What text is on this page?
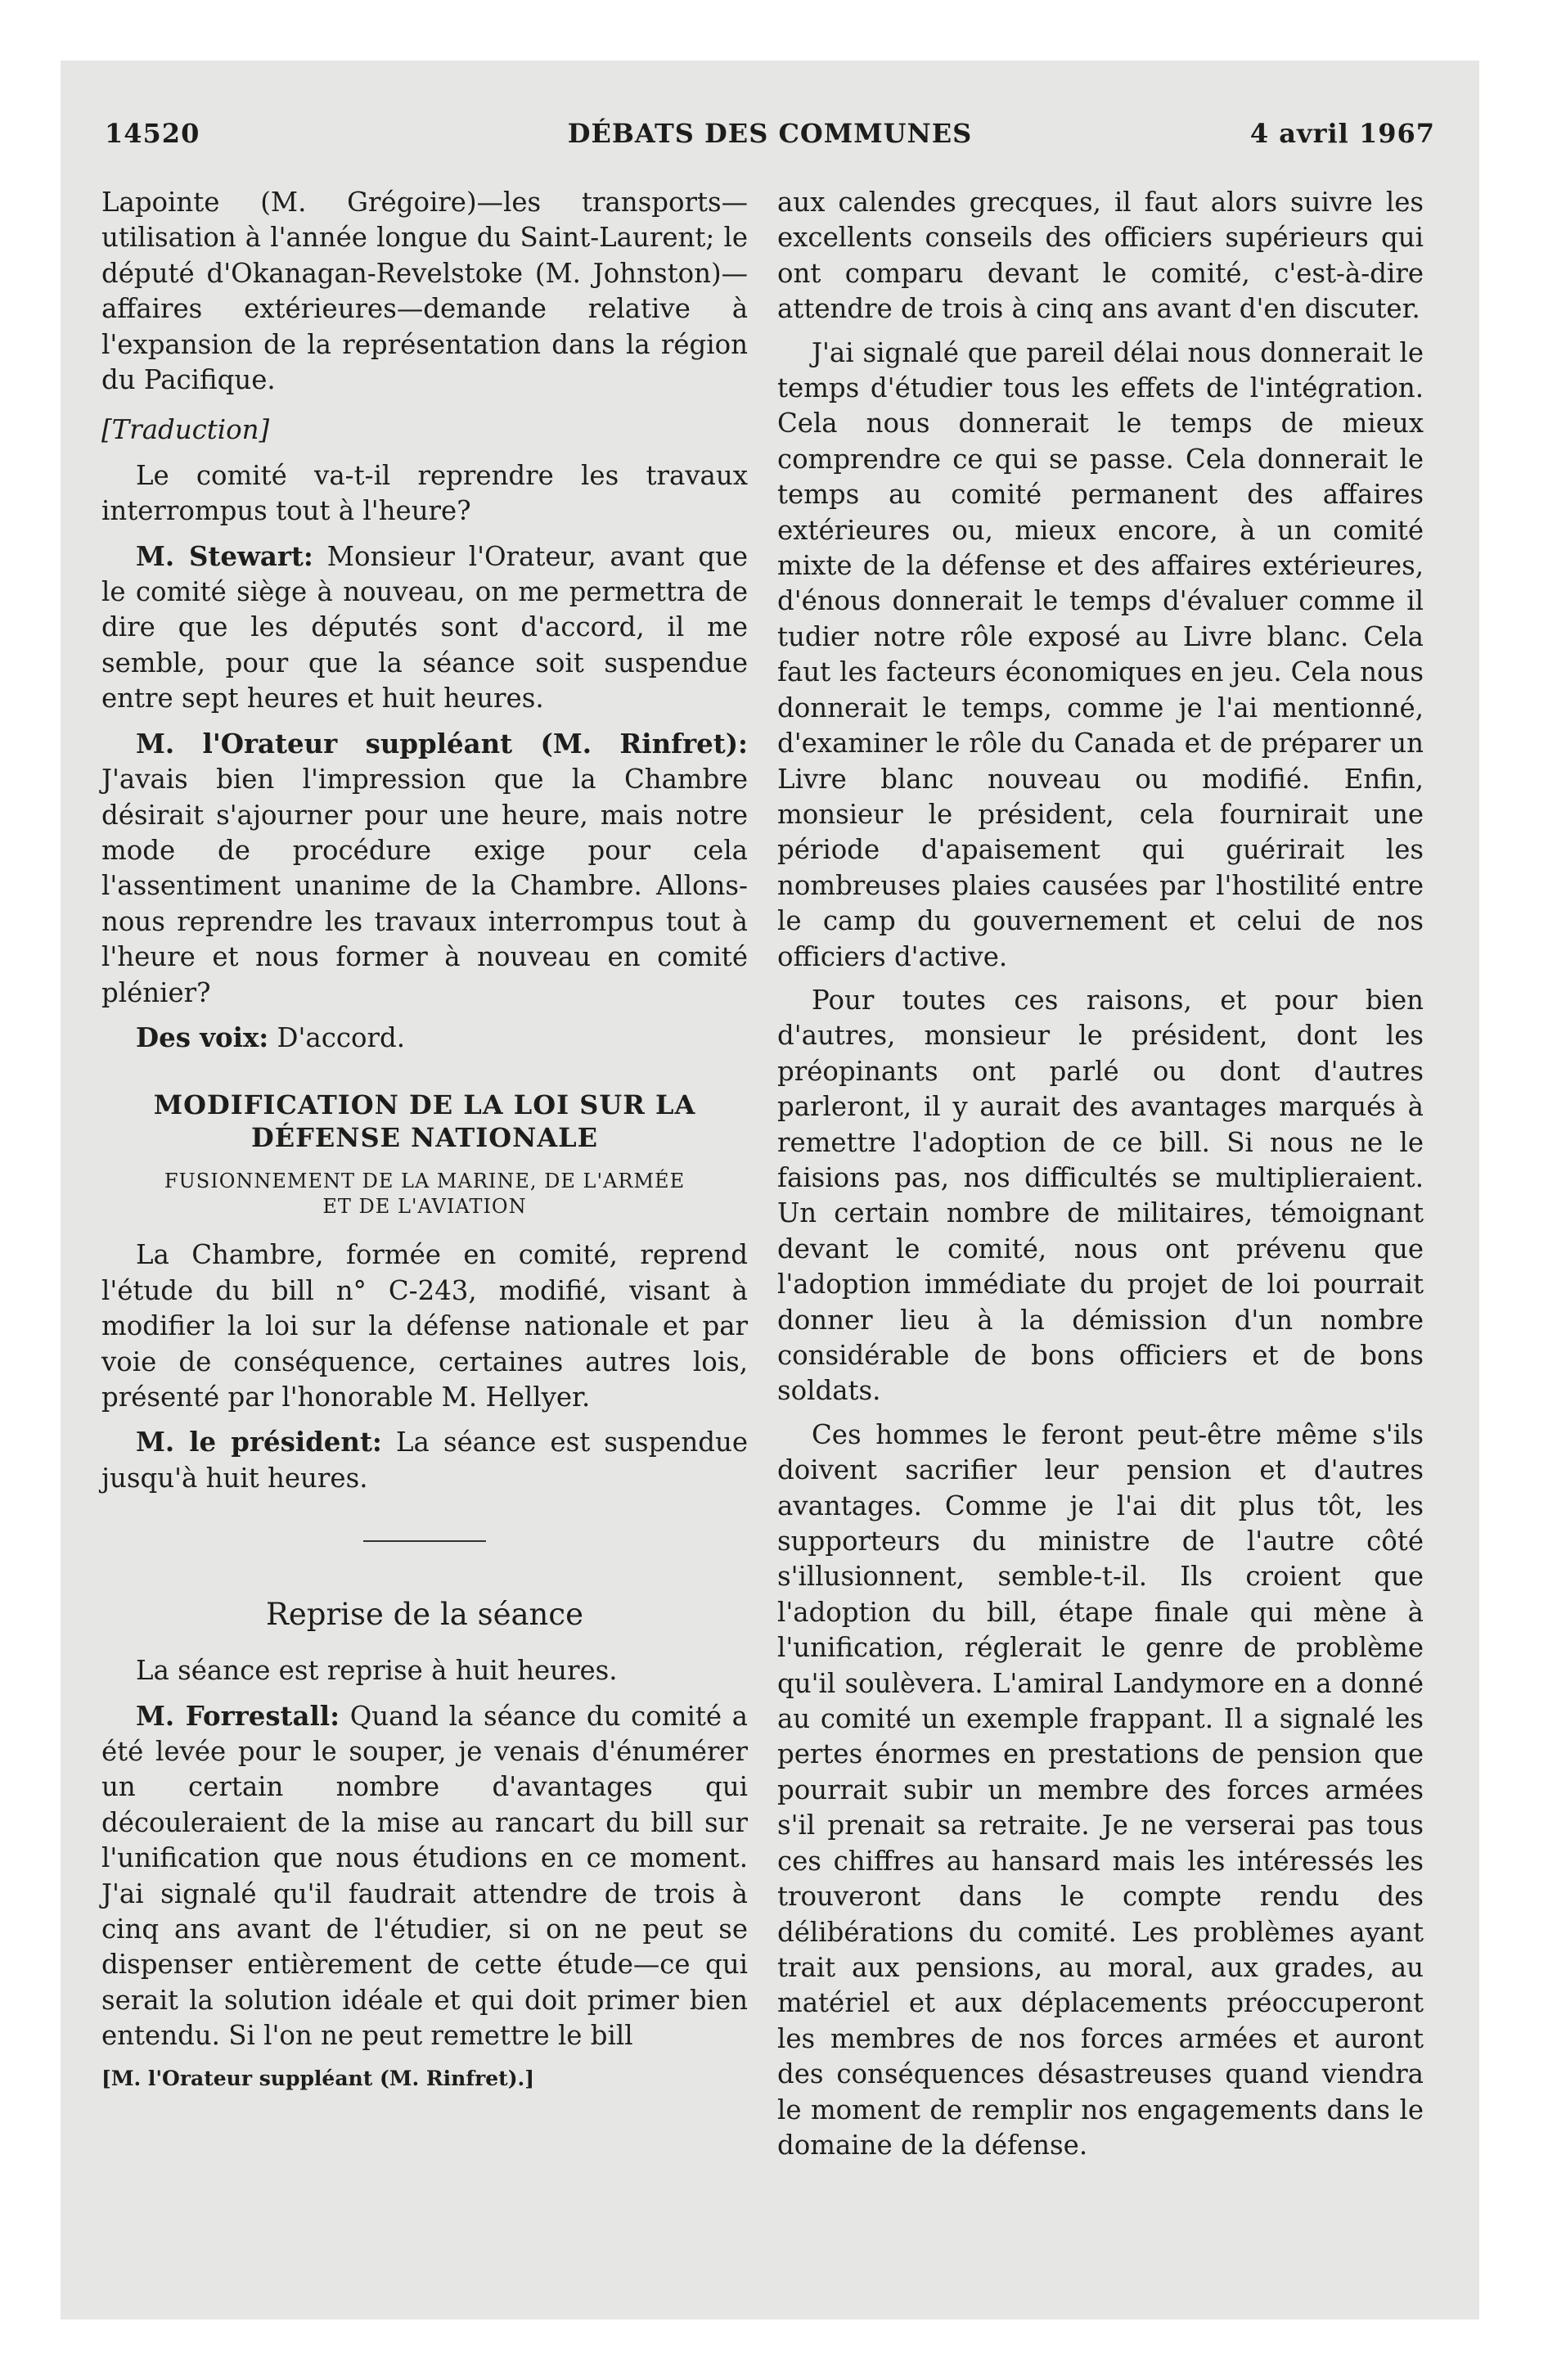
14520	DÉBATS DES COMMUNES	4 avril 1967

Lapointe (M. Grégoire)—les transports—utilisation à l'année longue du Saint-Laurent; le député d'Okanagan-Revelstoke (M. Johnston)—affaires extérieures—demande relative à l'expansion de la représentation dans la région du Pacifique.

[Traduction]

Le comité va-t-il reprendre les travaux interrompus tout à l'heure?

M. Stewart: Monsieur l'Orateur, avant que le comité siège à nouveau, on me permettra de dire que les députés sont d'accord, il me semble, pour que la séance soit suspendue entre sept heures et huit heures.

M. l'Orateur suppléant (M. Rinfret): J'avais bien l'impression que la Chambre désirait s'ajourner pour une heure, mais notre mode de procédure exige pour cela l'assentiment unanime de la Chambre. Allons-nous reprendre les travaux interrompus tout à l'heure et nous former à nouveau en comité plénier?

Des voix: D'accord.

MODIFICATION DE LA LOI SUR LA
DÉFENSE NATIONALE
FUSIONNEMENT DE LA MARINE, DE L'ARMÉE
ET DE L'AVIATION

La Chambre, formée en comité, reprend l'étude du bill n° C-243, modifié, visant à modifier la loi sur la défense nationale et par voie de conséquence, certaines autres lois, présenté par l'honorable M. Hellyer.

M. le président: La séance est suspendue jusqu'à huit heures.

Reprise de la séance

La séance est reprise à huit heures.

M. Forrestall: Quand la séance du comité a été levée pour le souper, je venais d'énumérer un certain nombre d'avantages qui découleraient de la mise au rancart du bill sur l'unification que nous étudions en ce moment. J'ai signalé qu'il faudrait attendre de trois à cinq ans avant de l'étudier, si on ne peut se dispenser entièrement de cette étude—ce qui serait la solution idéale et qui doit primer bien entendu. Si l'on ne peut remettre le bill

[M. l'Orateur suppléant (M. Rinfret).]

aux calendes grecques, il faut alors suivre les excellents conseils des officiers supérieurs qui ont comparu devant le comité, c'est-à-dire attendre de trois à cinq ans avant d'en discuter.

J'ai signalé que pareil délai nous donnerait le temps d'étudier tous les effets de l'intégration. Cela nous donnerait le temps de mieux comprendre ce qui se passe. Cela donnerait le temps au comité permanent des affaires extérieures ou, mieux encore, à un comité mixte de la défense et des affaires extérieures, d'énous donnerait le temps d'évaluer comme il tudier notre rôle exposé au Livre blanc. Cela faut les facteurs économiques en jeu. Cela nous donnerait le temps, comme je l'ai mentionné, d'examiner le rôle du Canada et de préparer un Livre blanc nouveau ou modifié. Enfin, monsieur le président, cela fournirait une période d'apaisement qui guérirait les nombreuses plaies causées par l'hostilité entre le camp du gouvernement et celui de nos officiers d'active.

Pour toutes ces raisons, et pour bien d'autres, monsieur le président, dont les préopinants ont parlé ou dont d'autres parleront, il y aurait des avantages marqués à remettre l'adoption de ce bill. Si nous ne le faisions pas, nos difficultés se multiplieraient. Un certain nombre de militaires, témoignant devant le comité, nous ont prévenu que l'adoption immédiate du projet de loi pourrait donner lieu à la démission d'un nombre considérable de bons officiers et de bons soldats.

Ces hommes le feront peut-être même s'ils doivent sacrifier leur pension et d'autres avantages. Comme je l'ai dit plus tôt, les supporteurs du ministre de l'autre côté s'illusionnent, semble-t-il. Ils croient que l'adoption du bill, étape finale qui mène à l'unification, réglerait le genre de problème qu'il soulèvera. L'amiral Landymore en a donné au comité un exemple frappant. Il a signalé les pertes énormes en prestations de pension que pourrait subir un membre des forces armées s'il prenait sa retraite. Je ne verserai pas tous ces chiffres au hansard mais les intéressés les trouveront dans le compte rendu des délibérations du comité. Les problèmes ayant trait aux pensions, au moral, aux grades, au matériel et aux déplacements préoccuperont les membres de nos forces armées et auront des conséquences désastreuses quand viendra le moment de remplir nos engagements dans le domaine de la défense.
